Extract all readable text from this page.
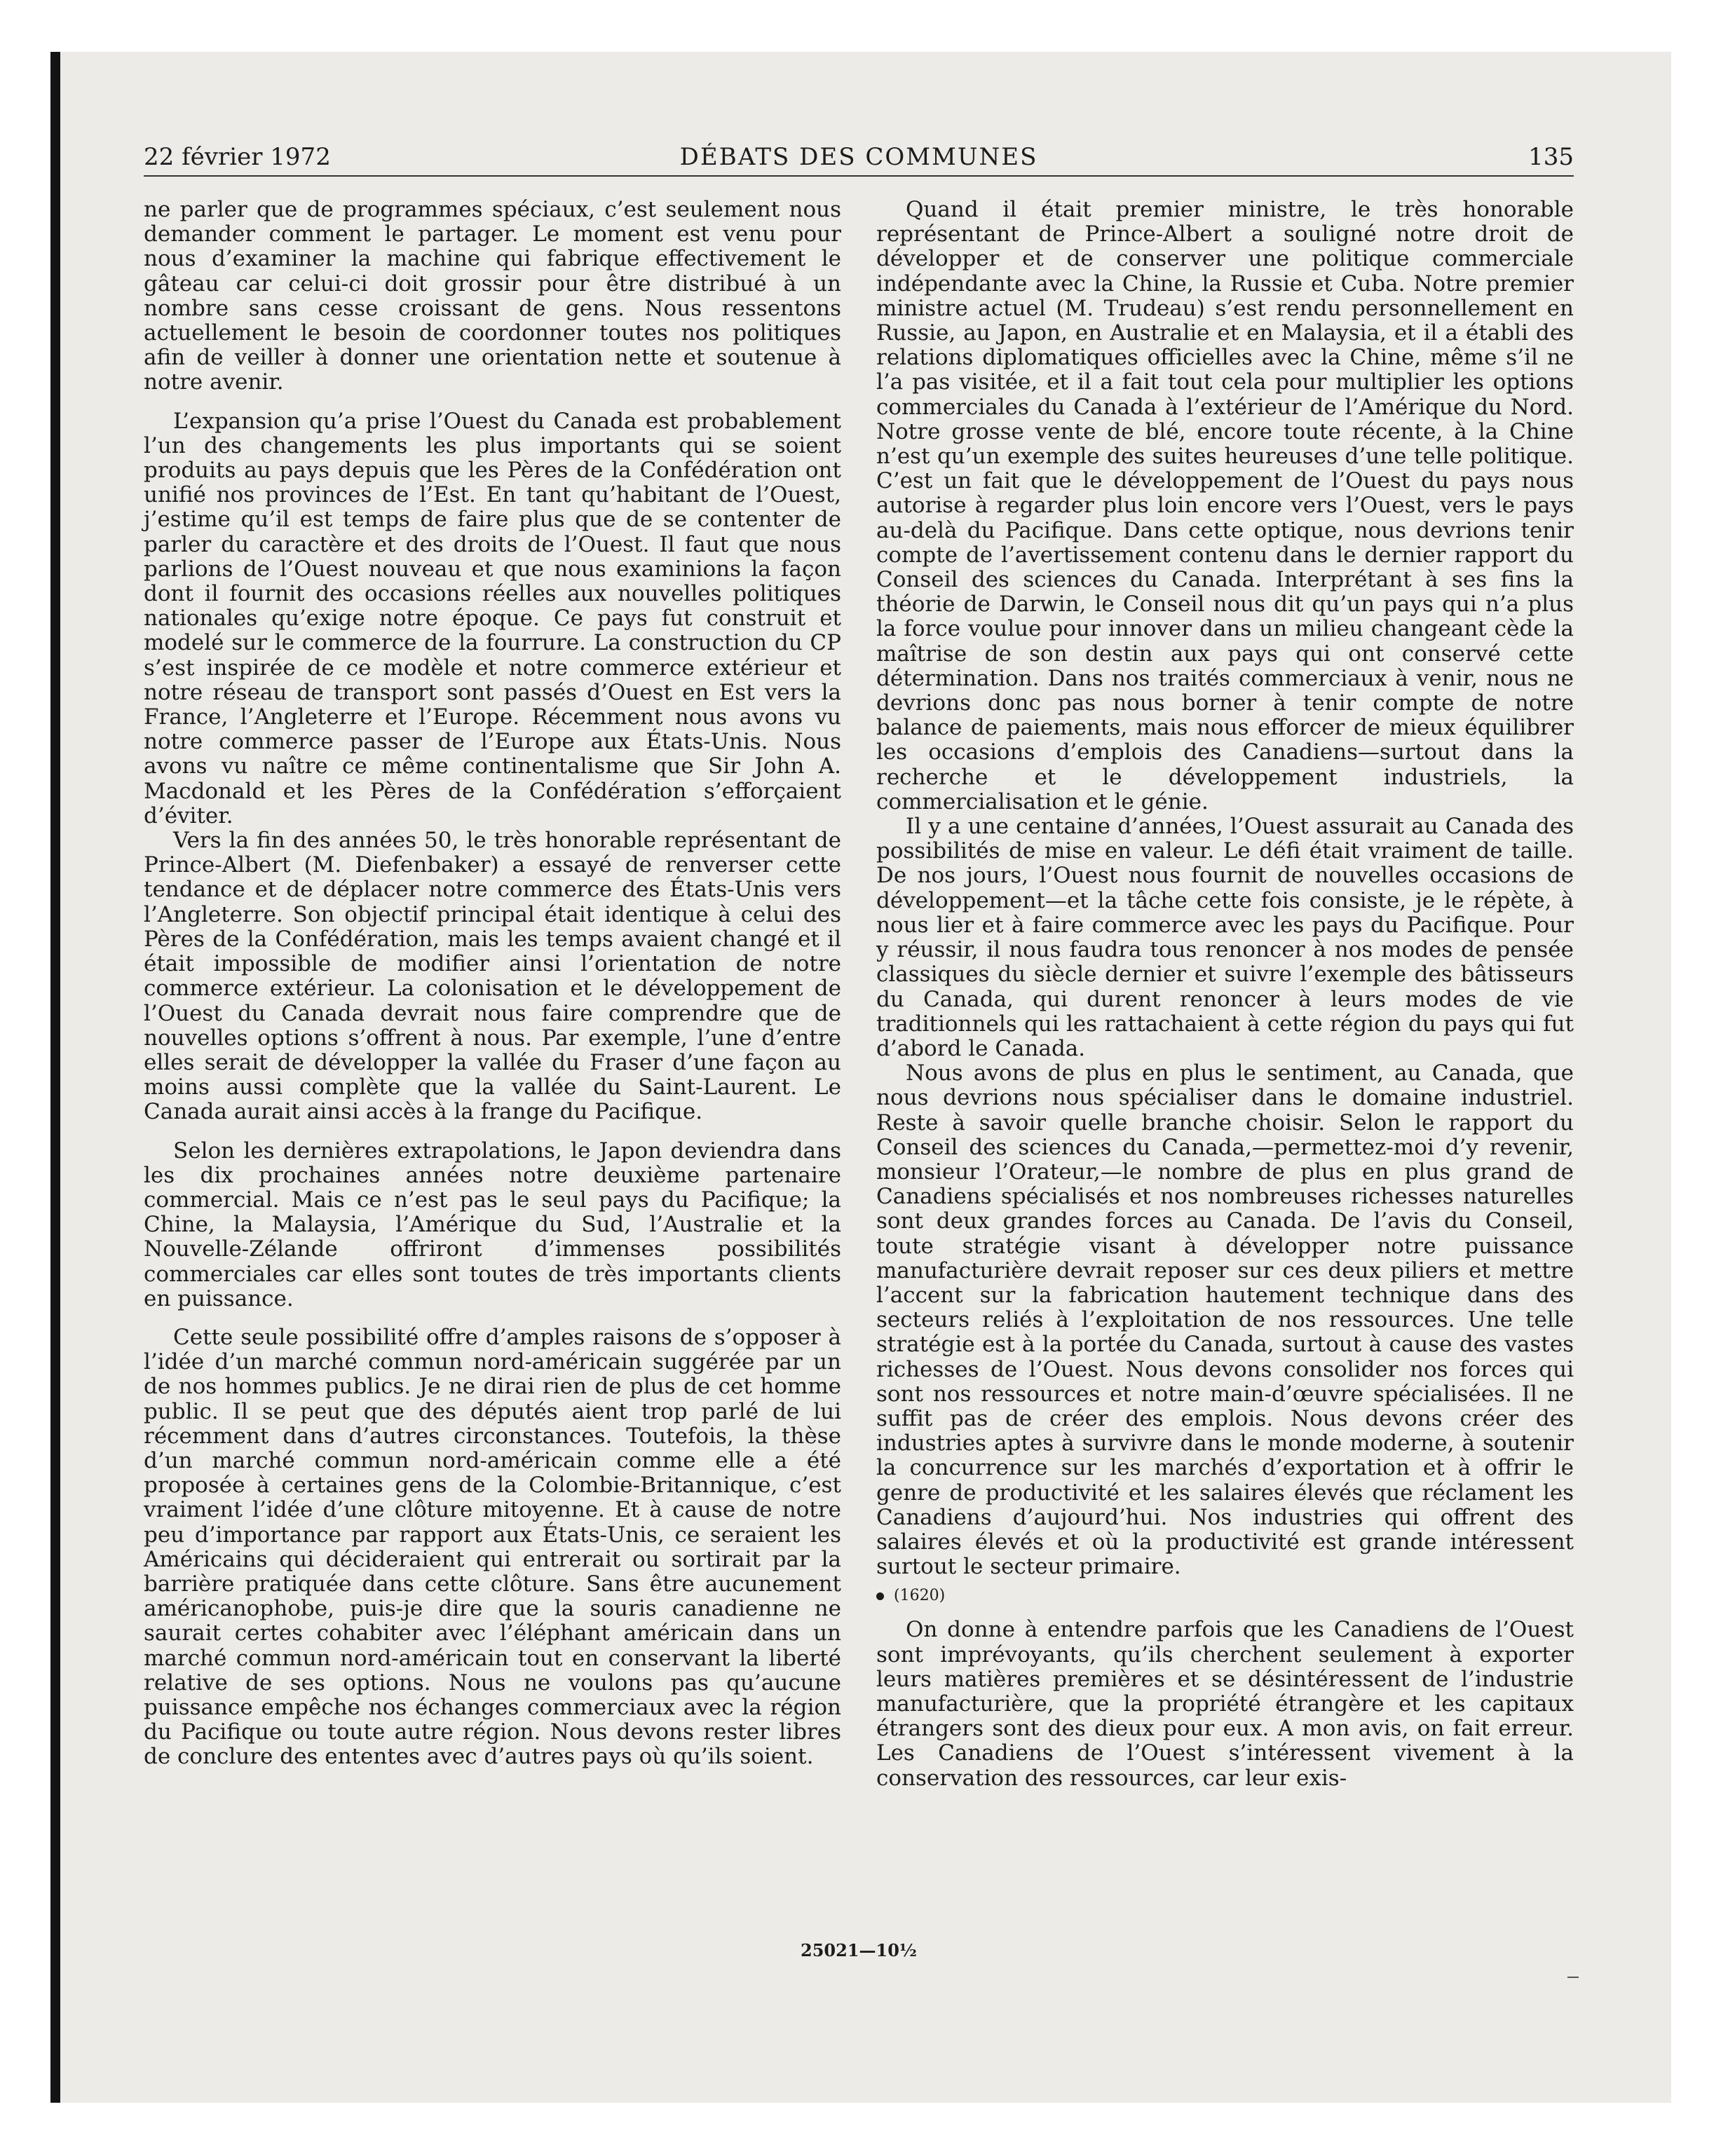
22 février 1972	DÉBATS DES COMMUNES	135

ne parler que de programmes spéciaux, c’est seulement nous demander comment le partager. Le moment est venu pour nous d’examiner la machine qui fabrique effectivement le gâteau car celui-ci doit grossir pour être distribué à un nombre sans cesse croissant de gens. Nous ressentons actuellement le besoin de coordonner toutes nos politiques afin de veiller à donner une orientation nette et soutenue à notre avenir.

L’expansion qu’a prise l’Ouest du Canada est probablement l’un des changements les plus importants qui se soient produits au pays depuis que les Pères de la Confédération ont unifié nos provinces de l’Est. En tant qu’habitant de l’Ouest, j’estime qu’il est temps de faire plus que de se contenter de parler du caractère et des droits de l’Ouest. Il faut que nous parlions de l’Ouest nouveau et que nous examinions la façon dont il fournit des occasions réelles aux nouvelles politiques nationales qu’exige notre époque. Ce pays fut construit et modelé sur le commerce de la fourrure. La construction du CP s’est inspirée de ce modèle et notre commerce extérieur et notre réseau de transport sont passés d’Ouest en Est vers la France, l’Angleterre et l’Europe. Récemment nous avons vu notre commerce passer de l’Europe aux États-Unis. Nous avons vu naître ce même continentalisme que Sir John A. Macdonald et les Pères de la Confédération s’efforçaient d’éviter.

Vers la fin des années 50, le très honorable représentant de Prince-Albert (M. Diefenbaker) a essayé de renverser cette tendance et de déplacer notre commerce des États-Unis vers l’Angleterre. Son objectif principal était identique à celui des Pères de la Confédération, mais les temps avaient changé et il était impossible de modifier ainsi l’orientation de notre commerce extérieur. La colonisation et le développement de l’Ouest du Canada devrait nous faire comprendre que de nouvelles options s’offrent à nous. Par exemple, l’une d’entre elles serait de développer la vallée du Fraser d’une façon au moins aussi complète que la vallée du Saint-Laurent. Le Canada aurait ainsi accès à la frange du Pacifique.

Selon les dernières extrapolations, le Japon deviendra dans les dix prochaines années notre deuxième partenaire commercial. Mais ce n’est pas le seul pays du Pacifique; la Chine, la Malaysia, l’Amérique du Sud, l’Australie et la Nouvelle-Zélande offriront d’immenses possibilités commerciales car elles sont toutes de très importants clients en puissance.

Cette seule possibilité offre d’amples raisons de s’opposer à l’idée d’un marché commun nord-américain suggérée par un de nos hommes publics. Je ne dirai rien de plus de cet homme public. Il se peut que des députés aient trop parlé de lui récemment dans d’autres circonstances. Toutefois, la thèse d’un marché commun nord-américain comme elle a été proposée à certaines gens de la Colombie-Britannique, c’est vraiment l’idée d’une clôture mitoyenne. Et à cause de notre peu d’importance par rapport aux États-Unis, ce seraient les Américains qui décideraient qui entrerait ou sortirait par la barrière pratiquée dans cette clôture. Sans être aucunement américanophobe, puis-je dire que la souris canadienne ne saurait certes cohabiter avec l’éléphant américain dans un marché commun nord-américain tout en conservant la liberté relative de ses options. Nous ne voulons pas qu’aucune puissance empêche nos échanges commerciaux avec la région du Pacifique ou toute autre région. Nous devons rester libres de conclure des ententes avec d’autres pays où qu’ils soient.

Quand il était premier ministre, le très honorable représentant de Prince-Albert a souligné notre droit de développer et de conserver une politique commerciale indépendante avec la Chine, la Russie et Cuba. Notre premier ministre actuel (M. Trudeau) s’est rendu personnellement en Russie, au Japon, en Australie et en Malaysia, et il a établi des relations diplomatiques officielles avec la Chine, même s’il ne l’a pas visitée, et il a fait tout cela pour multiplier les options commerciales du Canada à l’extérieur de l’Amérique du Nord. Notre grosse vente de blé, encore toute récente, à la Chine n’est qu’un exemple des suites heureuses d’une telle politique. C’est un fait que le développement de l’Ouest du pays nous autorise à regarder plus loin encore vers l’Ouest, vers le pays au-delà du Pacifique. Dans cette optique, nous devrions tenir compte de l’avertissement contenu dans le dernier rapport du Conseil des sciences du Canada. Interprétant à ses fins la théorie de Darwin, le Conseil nous dit qu’un pays qui n’a plus la force voulue pour innover dans un milieu changeant cède la maîtrise de son destin aux pays qui ont conservé cette détermination. Dans nos traités commerciaux à venir, nous ne devrions donc pas nous borner à tenir compte de notre balance de paiements, mais nous efforcer de mieux équilibrer les occasions d’emplois des Canadiens—surtout dans la recherche et le développement industriels, la commercialisation et le génie.

Il y a une centaine d’années, l’Ouest assurait au Canada des possibilités de mise en valeur. Le défi était vraiment de taille. De nos jours, l’Ouest nous fournit de nouvelles occasions de développement—et la tâche cette fois consiste, je le répète, à nous lier et à faire commerce avec les pays du Pacifique. Pour y réussir, il nous faudra tous renoncer à nos modes de pensée classiques du siècle dernier et suivre l’exemple des bâtisseurs du Canada, qui durent renoncer à leurs modes de vie traditionnels qui les rattachaient à cette région du pays qui fut d’abord le Canada.

Nous avons de plus en plus le sentiment, au Canada, que nous devrions nous spécialiser dans le domaine industriel. Reste à savoir quelle branche choisir. Selon le rapport du Conseil des sciences du Canada,—permettez-moi d’y revenir, monsieur l’Orateur,—le nombre de plus en plus grand de Canadiens spécialisés et nos nombreuses richesses naturelles sont deux grandes forces au Canada. De l’avis du Conseil, toute stratégie visant à développer notre puissance manufacturière devrait reposer sur ces deux piliers et mettre l’accent sur la fabrication hautement technique dans des secteurs reliés à l’exploitation de nos ressources. Une telle stratégie est à la portée du Canada, surtout à cause des vastes richesses de l’Ouest. Nous devons consolider nos forces qui sont nos ressources et notre main-d’œuvre spécialisées. Il ne suffit pas de créer des emplois. Nous devons créer des industries aptes à survivre dans le monde moderne, à soutenir la concurrence sur les marchés d’exportation et à offrir le genre de productivité et les salaires élevés que réclament les Canadiens d’aujourd’hui. Nos industries qui offrent des salaires élevés et où la productivité est grande intéressent surtout le secteur primaire.

(1620)

On donne à entendre parfois que les Canadiens de l’Ouest sont imprévoyants, qu’ils cherchent seulement à exporter leurs matières premières et se désintéressent de l’industrie manufacturière, que la propriété étrangère et les capitaux étrangers sont des dieux pour eux. A mon avis, on fait erreur. Les Canadiens de l’Ouest s’intéressent vivement à la conservation des ressources, car leur exis-

25021—10½
